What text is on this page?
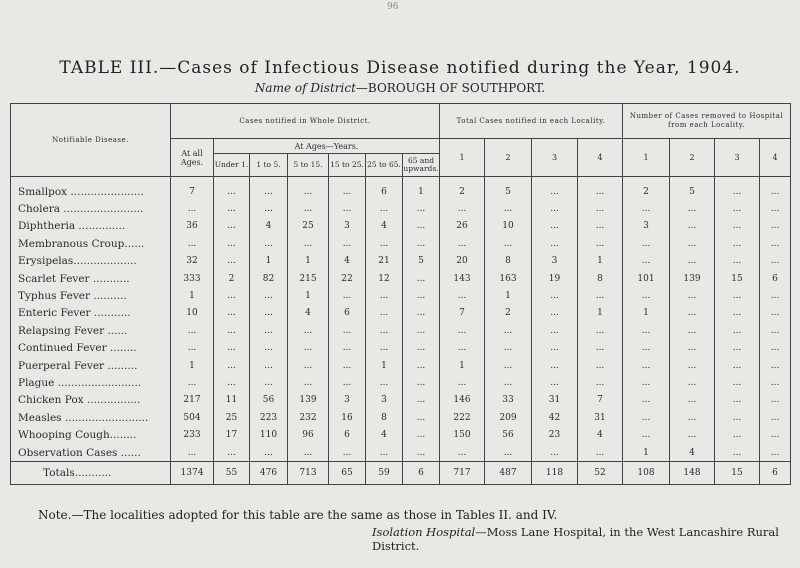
96
TABLE III.—Cases of Infectious Disease notified during the Year, 1904.
Name of District—BOROUGH OF SOUTHPORT.
Notifiable Disease.	Cases notified in Whole District.							Total Cases notified in each Locality.				Number of Cases removed to Hospital from each Locality.			
	At all Ages.	At Ages—Years.						1	2	3	4	1	2	3	4
		Under 1.	1 to 5.	5 to 15.	15 to 25.	25 to 65.	65 and upwards.								
Smallpox ......................	7	...	...	...	...	6	1	2	5	...	...	2	5	...	...
Cholera ........................	...	...	...	...	...	...	...	...	...	...	...	...	...	...	...
Diphtheria ..............	36	...	4	25	3	4	...	26	10	...	...	3	...	...	...
Membranous Croup......	...	...	...	...	...	...	...	...	...	...	...	...	...	...	...
Erysipelas...................	32	...	1	1	4	21	5	20	8	3	1	...	...	...	...
Scarlet Fever ...........	333	2	82	215	22	12	...	143	163	19	8	101	139	15	6
Typhus Fever ..........	1	...	...	1	...	...	...	...	1	...	...	...	...	...	...
Enteric Fever ...........	10	...	...	4	6	...	...	7	2	...	1	1	...	...	...
Relapsing Fever ......	...	...	...	...	...	...	...	...	...	...	...	...	...	...	...
Continued Fever ........	...	...	...	...	...	...	...	...	...	...	...	...	...	...	...
Puerperal Fever .........	1	...	...	...	...	1	...	1	...	...	...	...	...	...	...
Plague .........................	...	...	...	...	...	...	...	...	...	...	...	...	...	...	...
Chicken Pox ................	217	11	56	139	3	3	...	146	33	31	7	...	...	...	...
Measles .........................	504	25	223	232	16	8	...	222	209	42	31	...	...	...	...
Whooping Cough........	233	17	110	96	6	4	...	150	56	23	4	...	...	...	...
Observation Cases ......	...	...	...	...	...	...	...	...	...	...	...	1	4	...	...
Totals...........	1374	55	476	713	65	59	6	717	487	118	52	108	148	15	6
Note.—The localities adopted for this table are the same as those in Tables II. and IV.
Isolation Hospital—Moss Lane Hospital, in the West Lancashire Rural District.
